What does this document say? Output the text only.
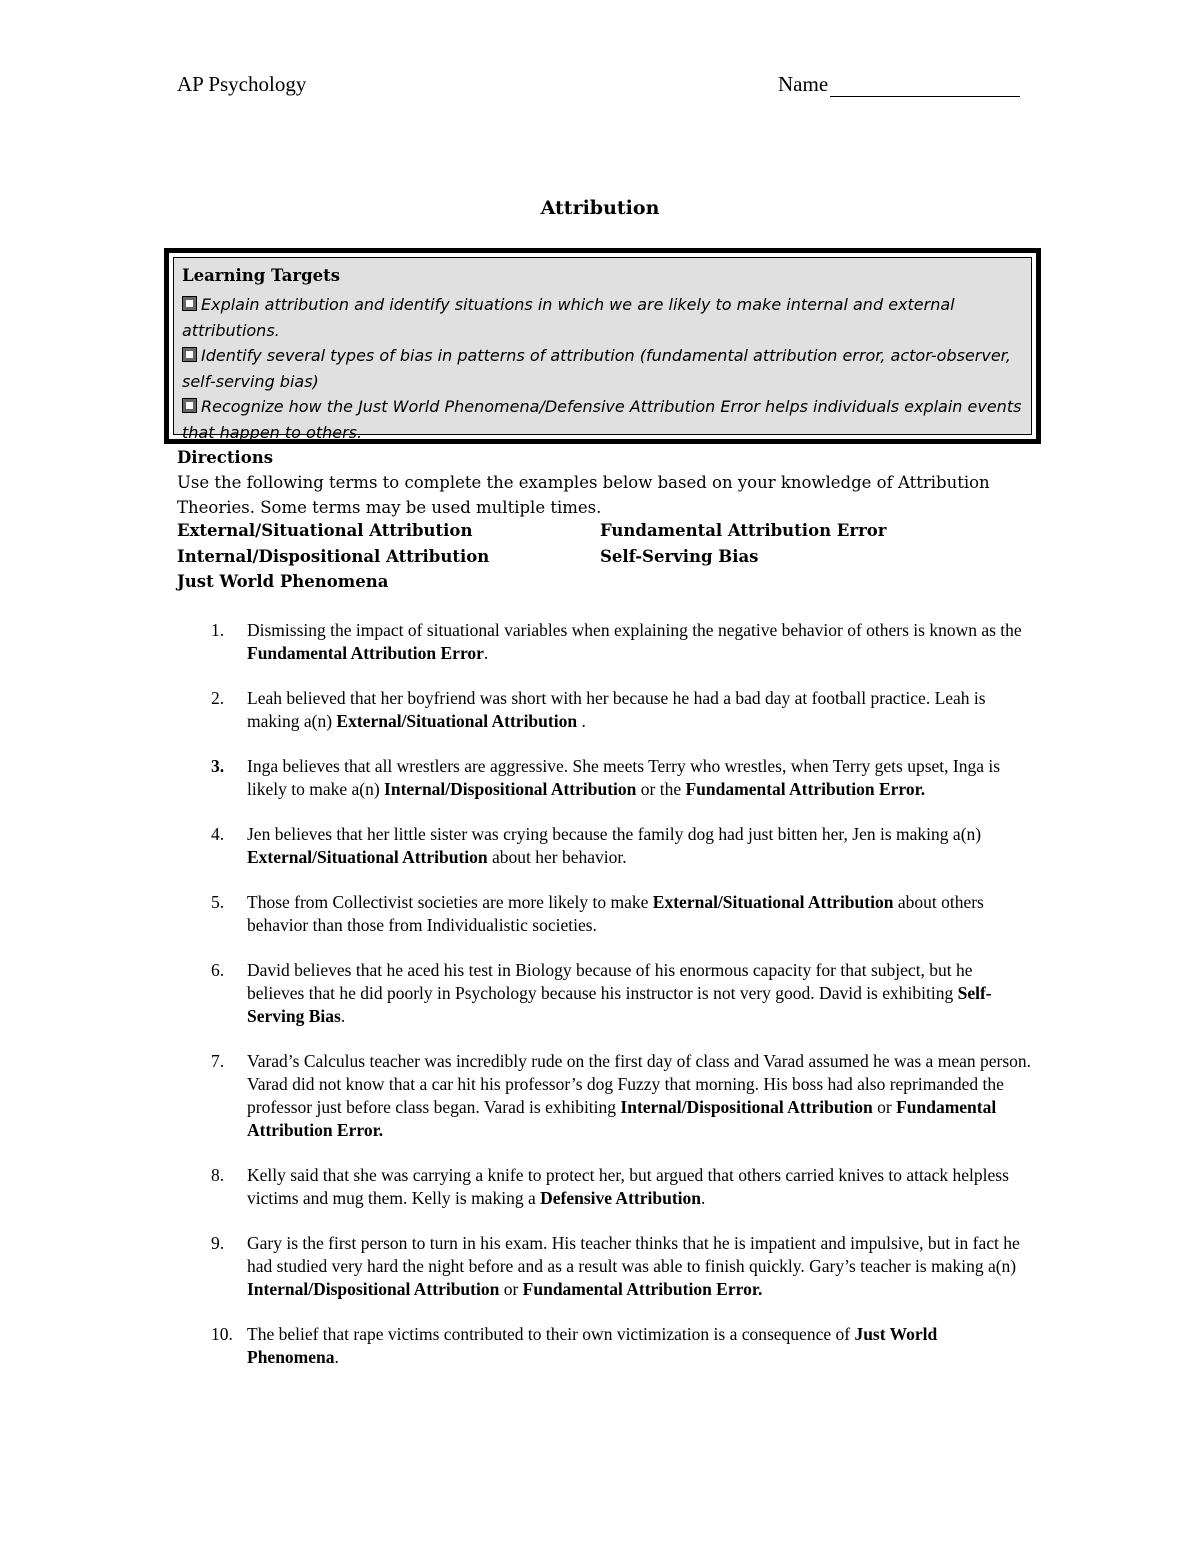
AP Psychology	Name
Attribution
Learning Targets
Explain attribution and identify situations in which we are likely to make internal and external attributions.
Identify several types of bias in patterns of attribution (fundamental attribution error, actor-observer, self-serving bias)
Recognize how the Just World Phenomena/Defensive Attribution Error helps individuals explain events that happen to others.
Directions
Use the following terms to complete the examples below based on your knowledge of Attribution Theories. Some terms may be used multiple times.
External/Situational Attribution	Fundamental Attribution Error
Internal/Dispositional Attribution	Self-Serving Bias
Just World Phenomena
1.	Dismissing the impact of situational variables when explaining the negative behavior of others is known as the Fundamental Attribution Error.
2.	Leah believed that her boyfriend was short with her because he had a bad day at football practice. Leah is making a(n) External/Situational Attribution .
3.	Inga believes that all wrestlers are aggressive. She meets Terry who wrestles, when Terry gets upset, Inga is likely to make a(n) Internal/Dispositional Attribution or the Fundamental Attribution Error.
4.	Jen believes that her little sister was crying because the family dog had just bitten her, Jen is making a(n) External/Situational Attribution about her behavior.
5.	Those from Collectivist societies are more likely to make External/Situational Attribution about others behavior than those from Individualistic societies.
6.	David believes that he aced his test in Biology because of his enormous capacity for that subject, but he believes that he did poorly in Psychology because his instructor is not very good. David is exhibiting Self-Serving Bias.
7.	Varad’s Calculus teacher was incredibly rude on the first day of class and Varad assumed he was a mean person. Varad did not know that a car hit his professor’s dog Fuzzy that morning. His boss had also reprimanded the professor just before class began. Varad is exhibiting Internal/Dispositional Attribution or Fundamental Attribution Error.
8.	Kelly said that she was carrying a knife to protect her, but argued that others carried knives to attack helpless victims and mug them. Kelly is making a Defensive Attribution.
9.	Gary is the first person to turn in his exam. His teacher thinks that he is impatient and impulsive, but in fact he had studied very hard the night before and as a result was able to finish quickly. Gary’s teacher is making a(n) Internal/Dispositional Attribution or Fundamental Attribution Error.
10. The belief that rape victims contributed to their own victimization is a consequence of Just World Phenomena.
